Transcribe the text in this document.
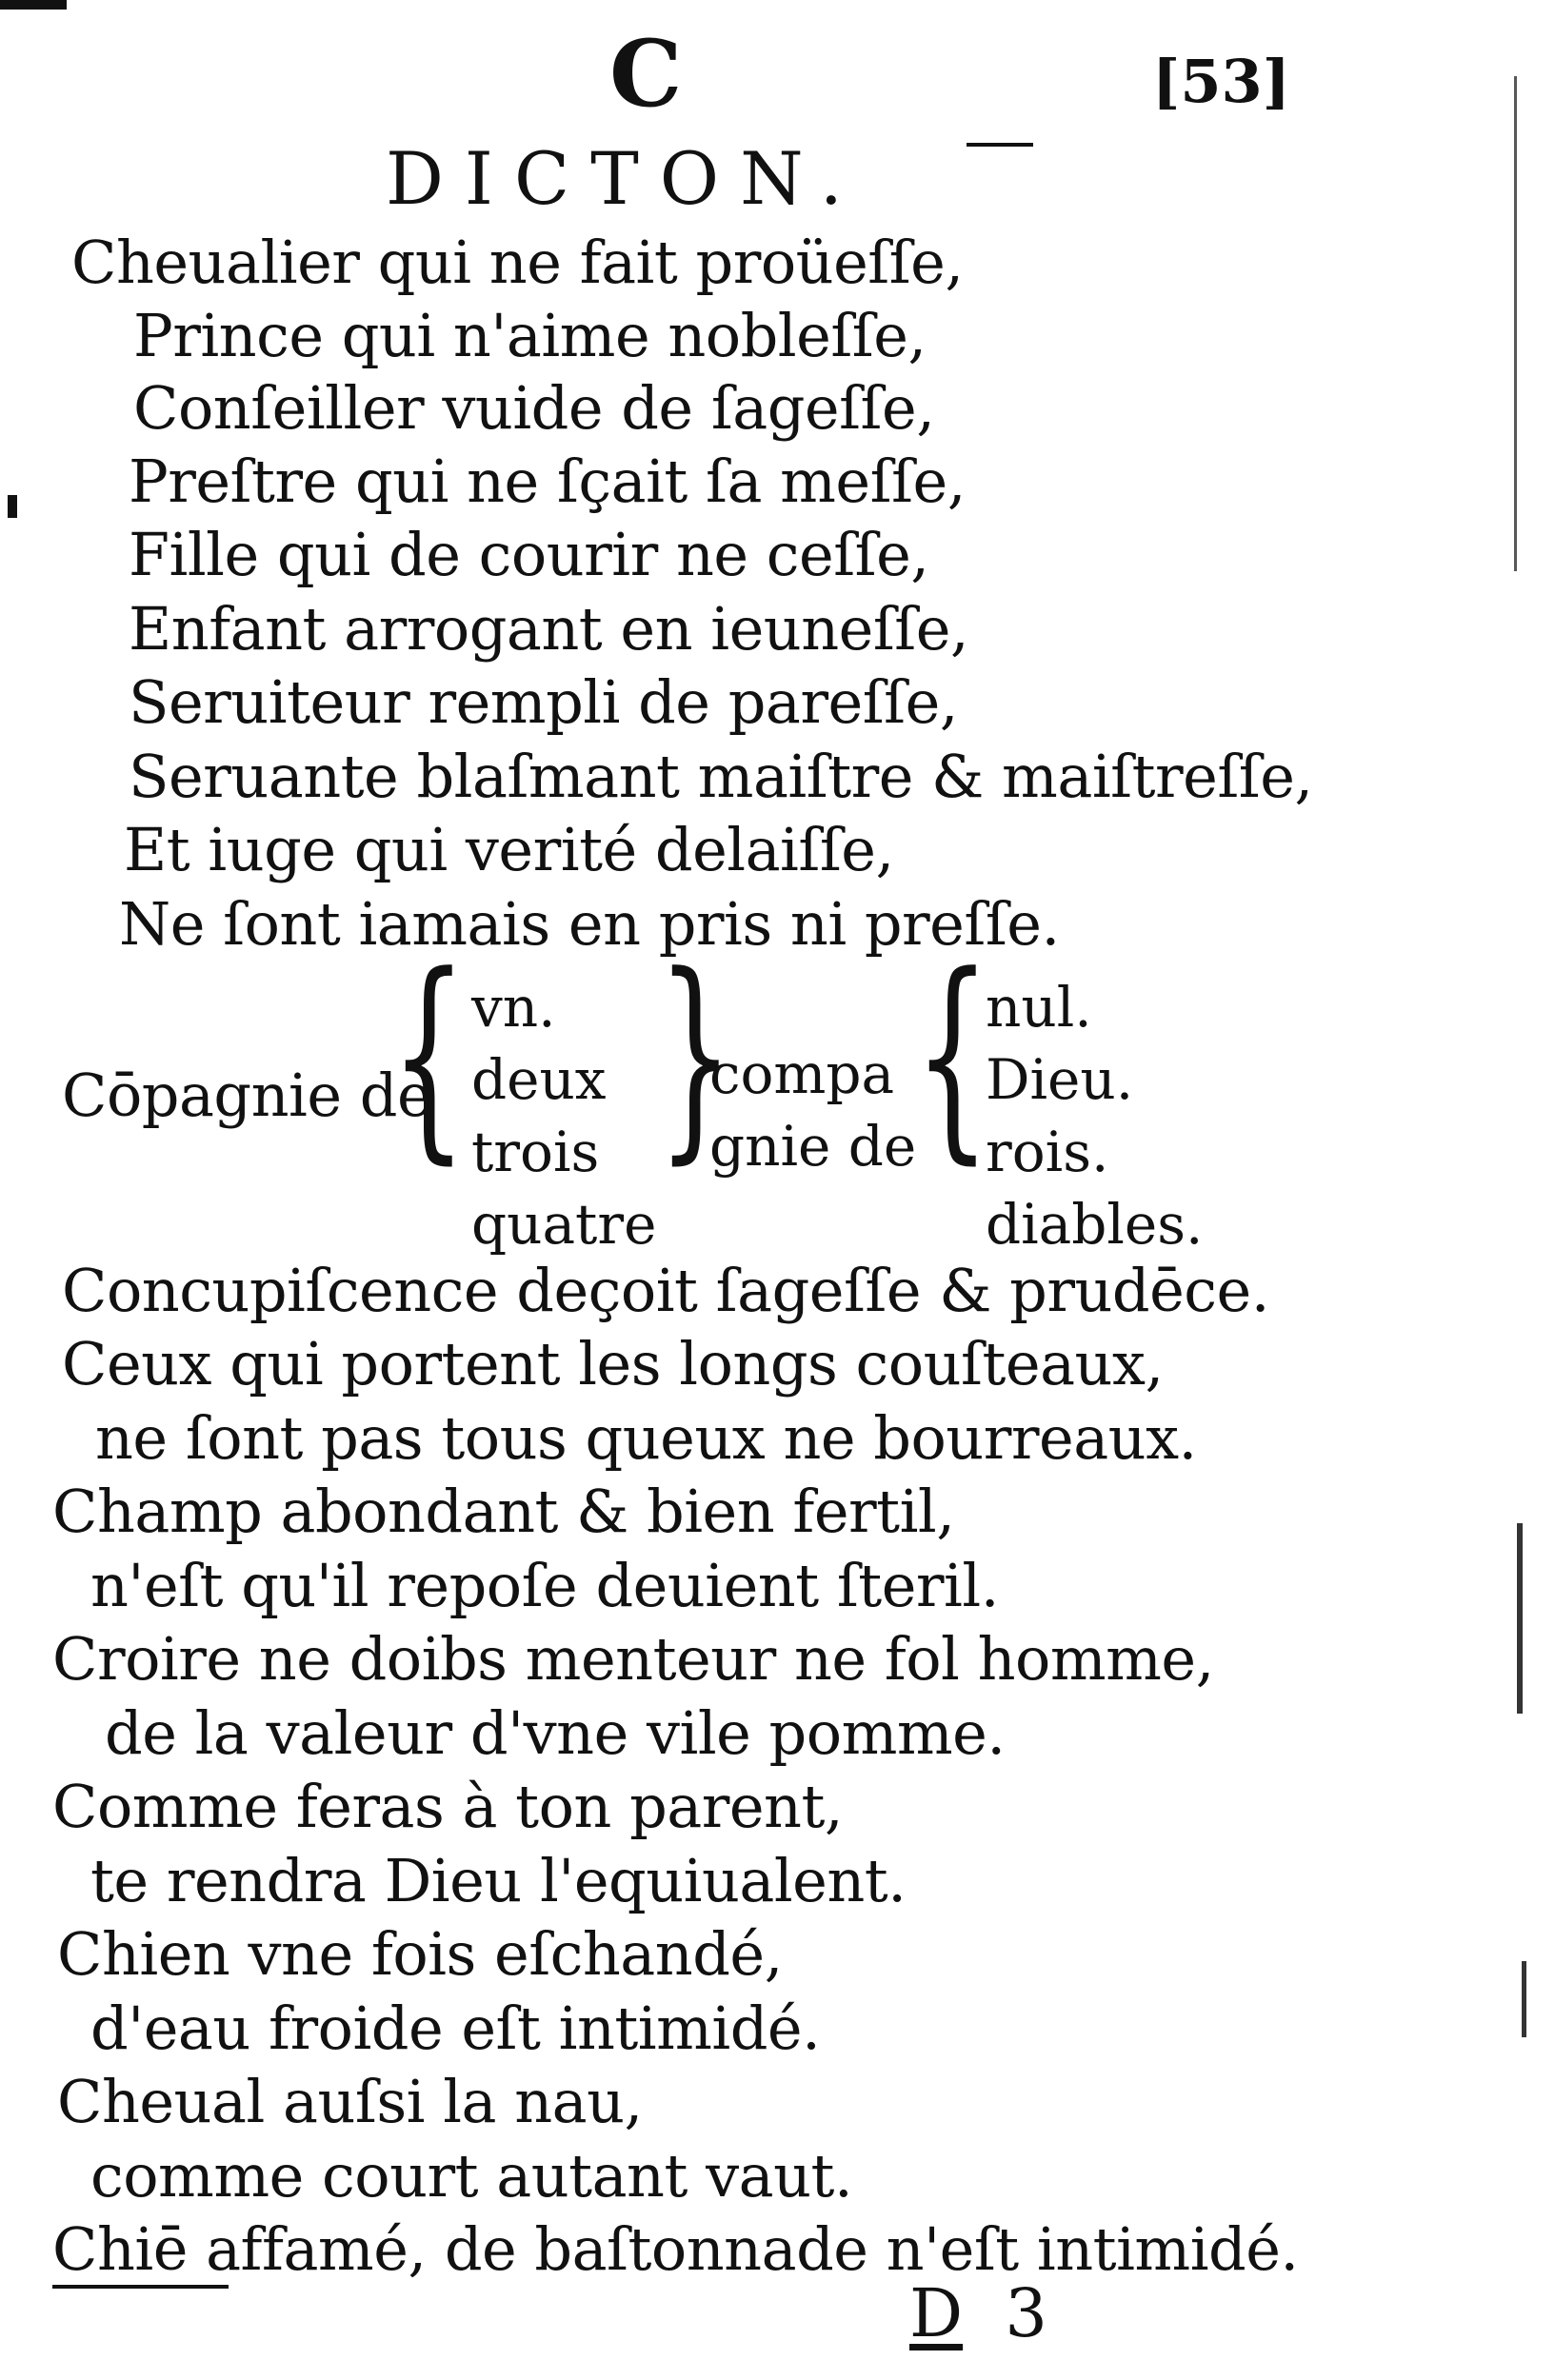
C
[	53 ]
DICTON.
Cheualier qui ne fait proüeſſe,
Prince qui n'aime nobleſſe,
Conſeiller vuide de ſageſſe,
Preſtre qui ne ſçait ſa meſſe,
Fille qui de courir ne ceſſe,
Enfant arrogant en ieuneſſe,
Seruiteur rempli de pareſſe,
Seruante blaſmant maiſtre & maiſtreſſe,
Et iuge qui verité delaiſſe,
Ne ſont iamais en pris ni preſſe.
Cōpagnie de
{ vn.
deux
trois
quatre
}
compa
gnie de
{
nul.
Dieu.
rois.
diables.
Concupiſcence deçoit ſageſſe & prudēce.
Ceux qui portent les longs couſteaux,
ne ſont pas tous queux ne bourreaux.
Champ abondant & bien fertil,
n'eſt qu'il repoſe deuient ſteril.
Croire ne doibs menteur ne fol homme,
de la valeur d'vne vile pomme.
Comme feras à ton parent,
te rendra Dieu l'equiualent.
Chien vne fois eſchandé,
d'eau froide eſt intimidé.
Cheual auſsi la nau,
comme court autant vaut.
Chiē affamé, de baſtonnade n'eſt intimidé.
D 3
